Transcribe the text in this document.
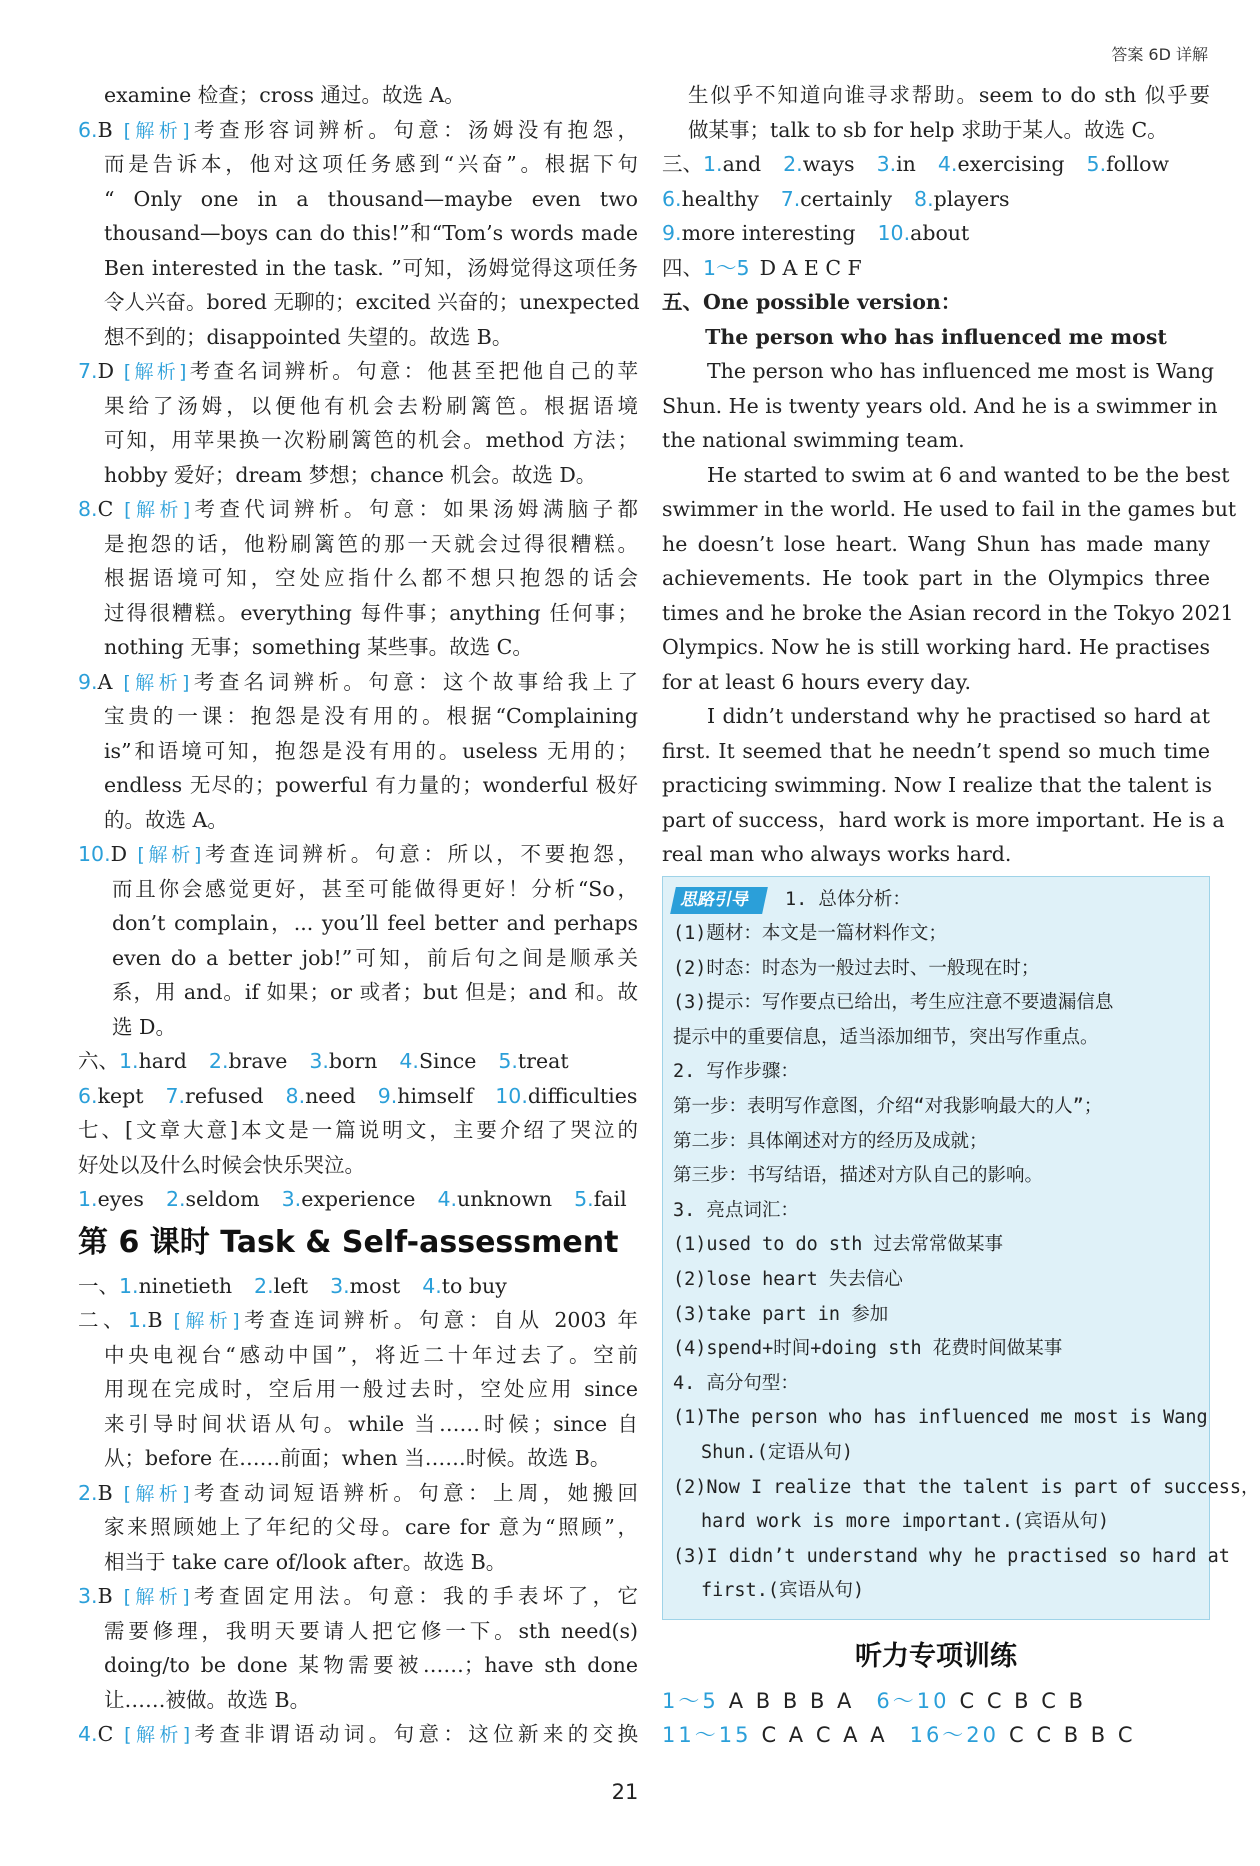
答案 6D 详解
examine 检查；cross 通过。故选 A。
6.B [解析]考查形容词辨析。句意：汤姆没有抱怨，
而是告诉本，他对这项任务感到“兴奋”。根据下句
“ Only one in a thousand—maybe even two
thousand—boys can do this!”和“Tom’s words made
Ben interested in the task. ”可知，汤姆觉得这项任务
令人兴奋。bored 无聊的；excited 兴奋的；unexpected
想不到的；disappointed 失望的。故选 B。
7.D [解析]考查名词辨析。句意：他甚至把他自己的苹
果给了汤姆，以便他有机会去粉刷篱笆。根据语境
可知，用苹果换一次粉刷篱笆的机会。method 方法；
hobby 爱好；dream 梦想；chance 机会。故选 D。
8.C [解析]考查代词辨析。句意：如果汤姆满脑子都
是抱怨的话，他粉刷篱笆的那一天就会过得很糟糕。
根据语境可知，空处应指什么都不想只抱怨的话会
过得很糟糕。everything 每件事；anything 任何事；
nothing 无事；something 某些事。故选 C。
9.A [解析]考查名词辨析。句意：这个故事给我上了
宝贵的一课：抱怨是没有用的。根据“Complaining
is”和语境可知，抱怨是没有用的。useless 无用的；
endless 无尽的；powerful 有力量的；wonderful 极好
的。故选 A。
10.D [解析]考查连词辨析。句意：所以，不要抱怨，
而且你会感觉更好，甚至可能做得更好！分析“So，
don’t complain，... you’ll feel better and perhaps
even do a better job!”可知，前后句之间是顺承关
系，用 and。if 如果；or 或者；but 但是；and 和。故
选 D。
六、1.hard 2.brave 3.born 4.Since 5.treat
6.kept 7.refused 8.need 9.himself 10.difficulties
七、[文章大意]本文是一篇说明文，主要介绍了哭泣的
好处以及什么时候会快乐哭泣。
1.eyes 2.seldom 3.experience 4.unknown 5.fail
第 6 课时 Task & Self-assessment
一、1.ninetieth 2.left 3.most 4.to buy
二、1.B [解析]考查连词辨析。句意：自从 2003 年
中央电视台“感动中国”，将近二十年过去了。空前
用现在完成时，空后用一般过去时，空处应用 since
来引导时间状语从句。while 当……时候；since 自
从；before 在……前面；when 当……时候。故选 B。
2.B [解析]考查动词短语辨析。句意：上周，她搬回
家来照顾她上了年纪的父母。care for 意为“照顾”，
相当于 take care of/look after。故选 B。
3.B [解析]考查固定用法。句意：我的手表坏了，它
需要修理，我明天要请人把它修一下。sth need(s)
doing/to be done 某物需要被……；have sth done
让……被做。故选 B。
4.C [解析]考查非谓语动词。句意：这位新来的交换
生似乎不知道向谁寻求帮助。seem to do sth 似乎要
做某事；talk to sb for help 求助于某人。故选 C。
三、1.and 2.ways 3.in 4.exercising 5.follow
6.healthy 7.certainly 8.players
9.more interesting 10.about
四、1～5 D A E C F
五、One possible version：
The person who has influenced me most
The person who has influenced me most is Wang
Shun. He is twenty years old. And he is a swimmer in
the national swimming team.
He started to swim at 6 and wanted to be the best
swimmer in the world. He used to fail in the games but
he doesn’t lose heart. Wang Shun has made many
achievements. He took part in the Olympics three
times and he broke the Asian record in the Tokyo 2021
Olympics. Now he is still working hard. He practises
for at least 6 hours every day.
I didn’t understand why he practised so hard at
first. It seemed that he needn’t spend so much time
practicing swimming. Now I realize that the talent is
part of success，hard work is more important. He is a
real man who always works hard.
思路引导 1. 总体分析：
(1)题材：本文是一篇材料作文；
(2)时态：时态为一般过去时、一般现在时；
(3)提示：写作要点已给出，考生应注意不要遗漏信息
提示中的重要信息，适当添加细节，突出写作重点。
2. 写作步骤：
第一步：表明写作意图，介绍“对我影响最大的人”；
第二步：具体阐述对方的经历及成就；
第三步：书写结语，描述对方队自己的影响。
3. 亮点词汇：
(1)used to do sth 过去常常做某事
(2)lose heart 失去信心
(3)take part in 参加
(4)spend+时间+doing sth 花费时间做某事
4. 高分句型：
(1)The person who has influenced me most is Wang
Shun.(定语从句)
(2)Now I realize that the talent is part of success，
hard work is more important.(宾语从句)
(3)I didn’t understand why he practised so hard at
first.(宾语从句)
听力专项训练
1～5 A B B B A 6～10 C C B C B
11～15 C A C A A 16～20 C C B B C
21
